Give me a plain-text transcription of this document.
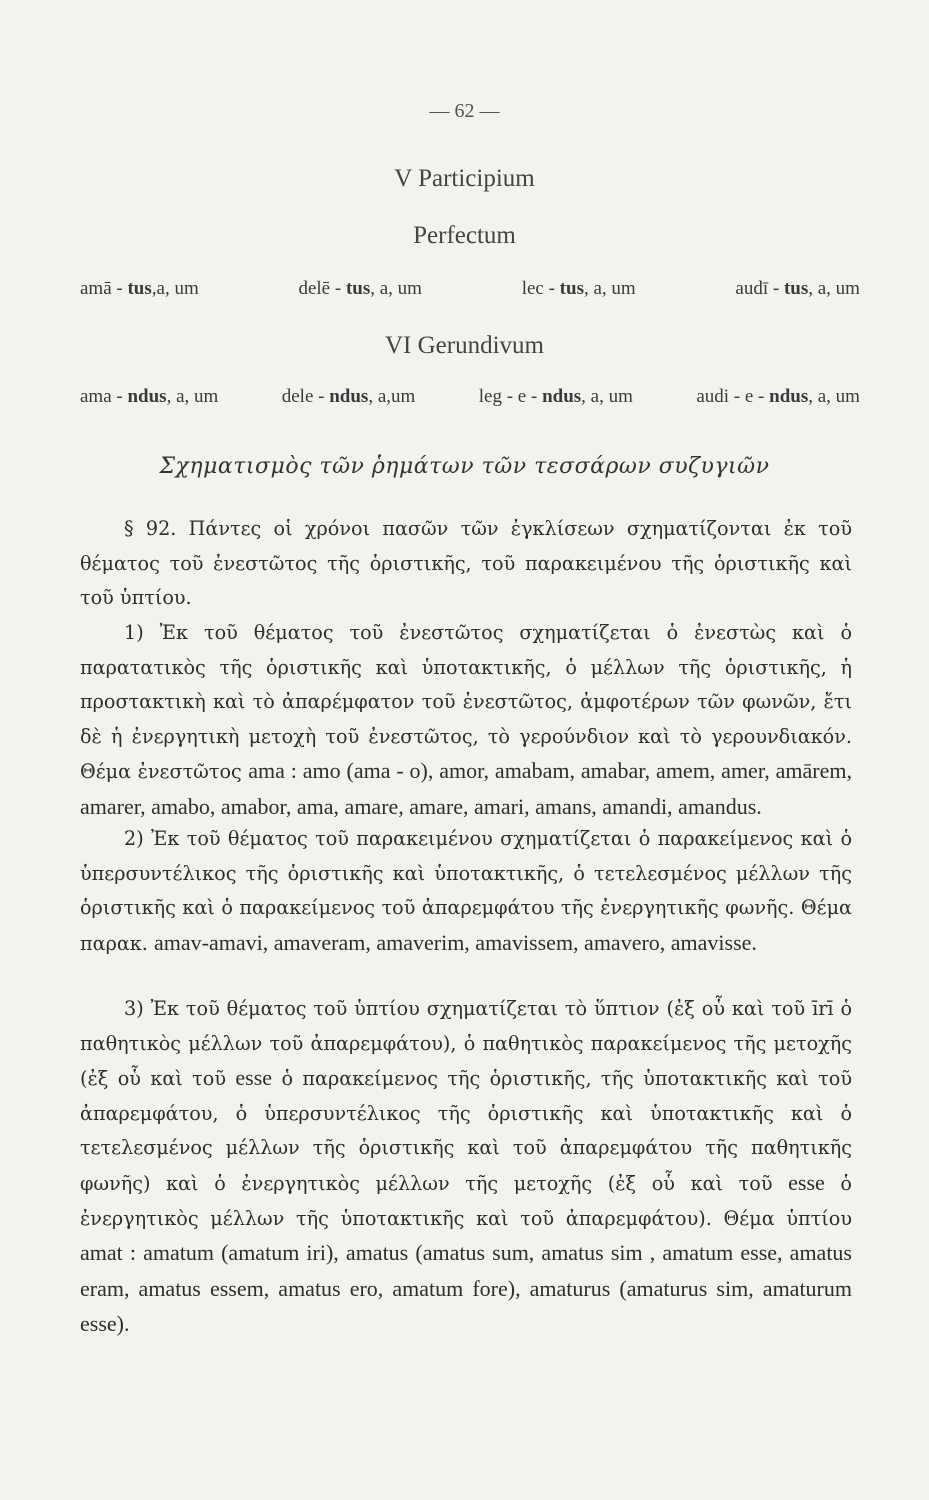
— 62 —
V Participium
Perfectum
amā - tus,a, um	delē - tus, a, um	lec - tus, a, um	audī - tus, a, um
VI Gerundivum
ama - ndus, a, um	dele - ndus, a,um	leg - e - ndus, a, um	audi - e - ndus, a, um
Σχηματισμὸς τῶν ῥημάτων τῶν τεσσάρων συζυγιῶν
§ 92. Πάντες οἱ χρόνοι πασῶν τῶν ἐγκλίσεων σχηματίζονται ἐκ τοῦ θέματος τοῦ ἐνεστῶτος τῆς ὁριστικῆς, τοῦ παρακειμένου τῆς ὁριστικῆς καὶ τοῦ ὑπτίου.
1) Ἐκ τοῦ θέματος τοῦ ἐνεστῶτος σχηματίζεται ὁ ἐνεστὼς καὶ ὁ παρατατικὸς τῆς ὁριστικῆς καὶ ὑποτακτικῆς, ὁ μέλλων τῆς ὁριστικῆς, ἡ προστακτικὴ καὶ τὸ ἀπαρέμφατον τοῦ ἐνεστῶτος, ἀμφοτέρων τῶν φωνῶν, ἔτι δὲ ἡ ἐνεργητικὴ μετοχὴ τοῦ ἐνεστῶτος, τὸ γερούνδιον καὶ τὸ γερουνδιακόν. Θέμα ἐνεστῶτος ama : amo (ama - o), amor, amabam, amabar, amem, amer, amārem, amarer, amabo, amabor, ama, amare, amare, amari, amans, amandi, amandus.
2) Ἐκ τοῦ θέματος τοῦ παρακειμένου σχηματίζεται ὁ παρακείμενος καὶ ὁ ὑπερσυντέλικος τῆς ὁριστικῆς καὶ ὑποτακτικῆς, ὁ τετελεσμένος μέλλων τῆς ὁριστικῆς καὶ ὁ παρακείμενος τοῦ ἀπαρεμφάτου τῆς ἐνεργητικῆς φωνῆς. Θέμα παρακ. amav-amavi, amaveram, amaverim, amavissem, amavero, amavisse.
3) Ἐκ τοῦ θέματος τοῦ ὑπτίου σχηματίζεται τὸ ὕπτιον (ἐξ οὗ καὶ τοῦ īrī ὁ παθητικὸς μέλλων τοῦ ἀπαρεμφάτου), ὁ παθητικὸς παρακείμενος τῆς μετοχῆς (ἐξ οὗ καὶ τοῦ esse ὁ παρακείμενος τῆς ὁριστικῆς, τῆς ὑποτακτικῆς καὶ τοῦ ἀπαρεμφάτου, ὁ ὑπερσυντέλικος τῆς ὁριστικῆς καὶ ὑποτακτικῆς καὶ ὁ τετελεσμένος μέλλων τῆς ὁριστικῆς καὶ τοῦ ἀπαρεμφάτου τῆς παθητικῆς φωνῆς) καὶ ὁ ἐνεργητικὸς μέλλων τῆς μετοχῆς (ἐξ οὗ καὶ τοῦ esse ὁ ἐνεργητικὸς μέλλων τῆς ὑποτακτικῆς καὶ τοῦ ἀπαρεμφάτου). Θέμα ὑπτίου amat : amatum (amatum iri), amatus (amatus sum, amatus sim , amatum esse, amatus eram, amatus essem, amatus ero, amatum fore), amaturus (amaturus sim, amaturum esse).
